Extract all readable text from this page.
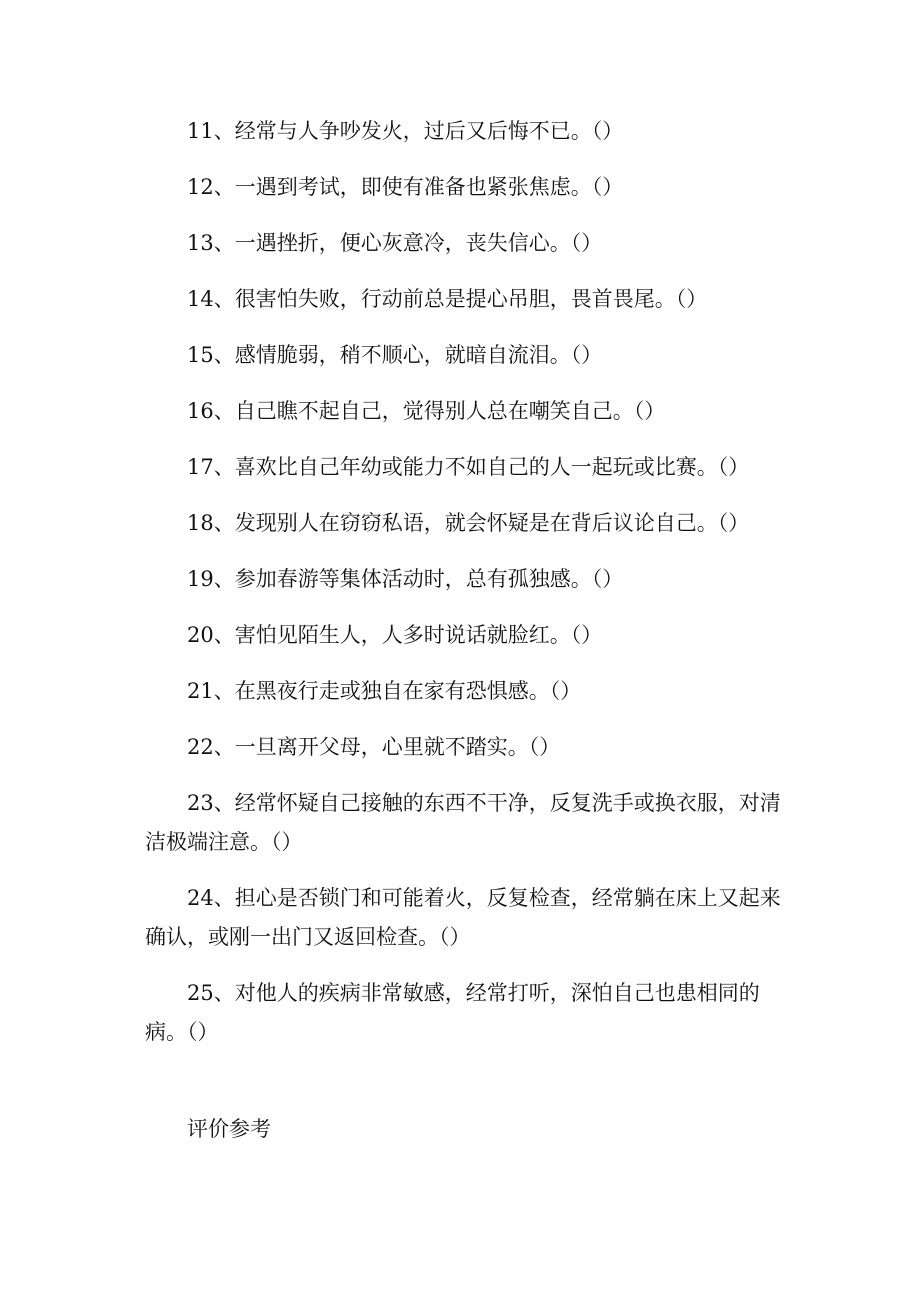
11、经常与人争吵发火，过后又后悔不已。（）
12、一遇到考试，即使有准备也紧张焦虑。（）
13、一遇挫折，便心灰意冷，丧失信心。（）
14、很害怕失败，行动前总是提心吊胆，畏首畏尾。（）
15、感情脆弱，稍不顺心，就暗自流泪。（）
16、自己瞧不起自己，觉得别人总在嘲笑自己。（）
17、喜欢比自己年幼或能力不如自己的人一起玩或比赛。（）
18、发现别人在窃窃私语，就会怀疑是在背后议论自己。（）
19、参加春游等集体活动时，总有孤独感。（）
20、害怕见陌生人，人多时说话就脸红。（）
21、在黑夜行走或独自在家有恐惧感。（）
22、一旦离开父母，心里就不踏实。（）
23、经常怀疑自己接触的东西不干净，反复洗手或换衣服，对清洁极端注意。（）
24、担心是否锁门和可能着火，反复检查，经常躺在床上又起来确认，或刚一出门又返回检查。（）
25、对他人的疾病非常敏感，经常打听，深怕自己也患相同的病。（）
评价参考
